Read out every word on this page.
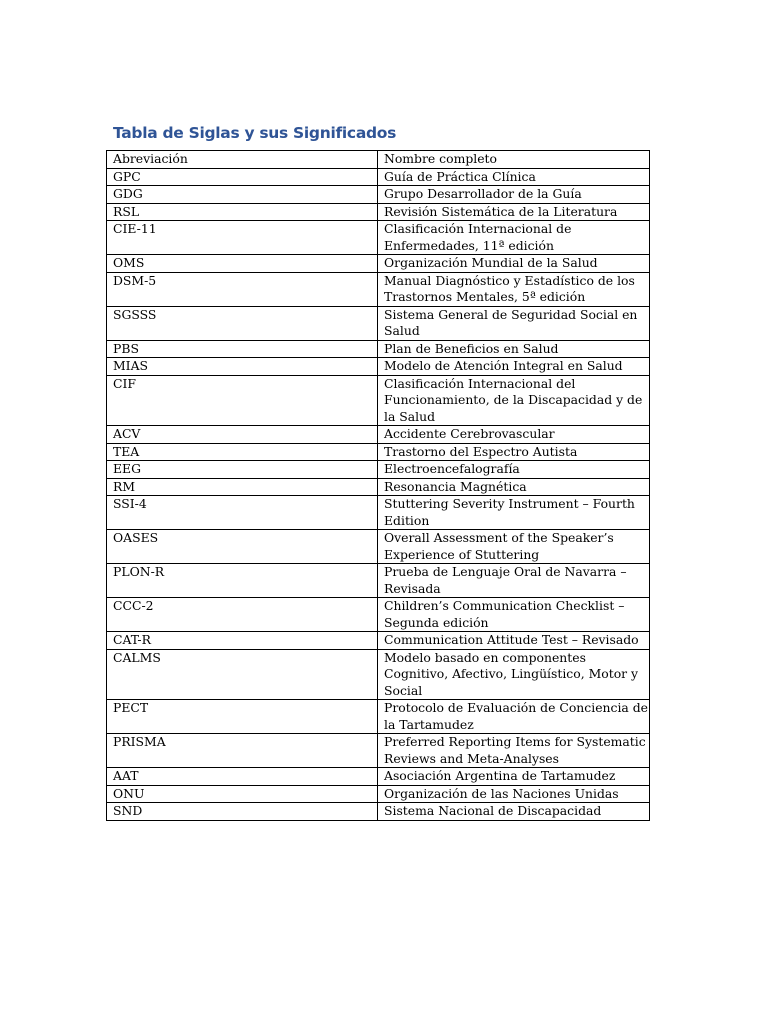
Tabla de Siglas y sus Significados
Abreviación	Nombre completo
GPC	Guía de Práctica Clínica
GDG	Grupo Desarrollador de la Guía
RSL	Revisión Sistemática de la Literatura
CIE-11	Clasificación Internacional de Enfermedades, 11ª edición
OMS	Organización Mundial de la Salud
DSM-5	Manual Diagnóstico y Estadístico de los Trastornos Mentales, 5ª edición
SGSSS	Sistema General de Seguridad Social en Salud
PBS	Plan de Beneficios en Salud
MIAS	Modelo de Atención Integral en Salud
CIF	Clasificación Internacional del Funcionamiento, de la Discapacidad y de la Salud
ACV	Accidente Cerebrovascular
TEA	Trastorno del Espectro Autista
EEG	Electroencefalografía
RM	Resonancia Magnética
SSI-4	Stuttering Severity Instrument – Fourth Edition
OASES	Overall Assessment of the Speaker’s Experience of Stuttering
PLON-R	Prueba de Lenguaje Oral de Navarra – Revisada
CCC-2	Children’s Communication Checklist – Segunda edición
CAT-R	Communication Attitude Test – Revisado
CALMS	Modelo basado en componentes Cognitivo, Afectivo, Lingüístico, Motor y Social
PECT	Protocolo de Evaluación de Conciencia de la Tartamudez
PRISMA	Preferred Reporting Items for Systematic Reviews and Meta-Analyses
AAT	Asociación Argentina de Tartamudez
ONU	Organización de las Naciones Unidas
SND	Sistema Nacional de Discapacidad
